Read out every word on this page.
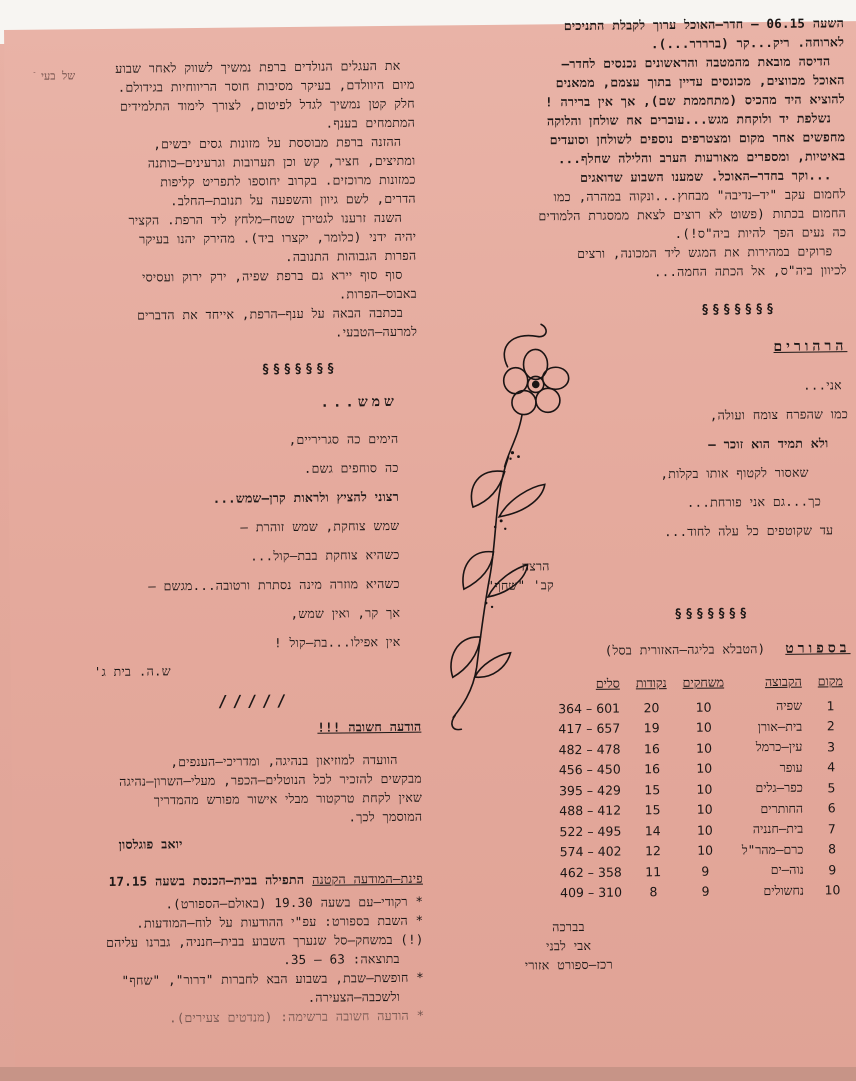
ֿ של בעי
השעה 06.15 – חדר–האוכל ערוך לקבלת התניכים
לארוחה. ריק...קר (ברררר...).
הדיסה מובאת מהמטבה והראשונים נכנסים לחדר–
האוכל מכווצים, מכונסים עדיין בתוך עצמם, ממאנים
להוציא היד מהכיס (מתחממת שם), אך אין ברירה !
נשלפת יד ולוקחת מגש...עוברים אח שולחן והלוקה
מחפשים אחר מקום ומצטרפים נוספים לשולחן וסועדים
באיטיות, ומספרים מאורעות הערב והלילה שחלף...
...וקר בחדר–האוכל. שמענו השבוע שדואגים
לחמום עקב "יד–נדיבה" מבחוץ...ונקוה במהרה, כמו
החמום בכתות (פשוט לא רוצים לצאת ממסגרת הלמודים
כה נעים הפך להיות ביה"ס!).
פרוקים במהירות את המגש ליד המכונה, ורצים
לכיוון ביה"ס, אל הכתה החמה...
§§§§§§§
הרהורים
אני...
כמו שהפרח צומח ועולה,
ולא תמיד הוא זוכר –
שאסור לקטוף אותו בקלות,
כך...גם אני פורחת...
עד שקוטפים כל עלה לחוד...
הרצה
קב' "שחף"
§§§§§§§
בספורט
(הטבלא בליגה–האזורית בסל)
מקום	הקבוצה	משחקים	נקודות	סלים
1	שפיה	10	20	364 – 601
2	בית–אורן	10	19	417 – 657
3	עין–כרמל	10	16	482 – 478
4	עופר	10	16	456 – 450
5	כפר–גלים	10	15	395 – 429
6	החותרים	10	15	488 – 412
7	בית–חנניה	10	14	522 – 495
8	כרם–מהר"ל	10	12	574 – 402
9	נוה–ים	9	11	462 – 358
10	נחשולים	9	8	409 – 310
בברכה
אבי לבני
רכז–ספורט אזורי
את העגלים הנולדים ברפת נמשיך לשווק לאחר שבוע
מיום היוולדם, בעיקר מסיבות חוסר הריווחיות בגידולם.
חלק קטן נמשיך לגדל לפיטום, לצורך לימוד התלמידים
המתמחים בענף.
ההזנה ברפת מבוססת על מזונות גסים יבשים,
ומתיצים, חציר, קש וכן תערובות וגרעינים–כותנה
כמזונות מרוכזים. בקרוב יחוספו לתפריט קליפות
הדרים, לשם גיוון והשפעה על תנובת–החלב.
השנה זרענו לגטירן שטח–מלחץ ליד הרפת. הקציר
יהיה ידני (כלומר, יקצרו ביד). מהירק יהנו בעיקר
הפרות הגבוהות התנובה.
סוף סוף יירא גם ברפת שפיה, ירק ירוק ועסיסי
באבוס–הפרות.
בכתבה הבאה על ענף–הרפת, אייחד את הדברים
למרעה–הטבעי.
§§§§§§§
שמש...
הימים כה סגריריים,
כה סוחפים גשם.
רצוני להציץ ולראות קרן–שמש...
שמש צוחקת, שמש זוהרת –
כשהיא צוחקת בבת–קול...
כשהיא מוזרה מינה נסתרת ורטובה...מגשם –
אך קר, ואין שמש,
אין אפילו...בת–קול !
ש.ה. בית ג'
/////
הודעה חשובה !!!
הוועדה למוזיאון בנהיגה, ומדריכי–הענפים,
מבקשים להזכיר לכל הנוטלים–הכפר, מעלי–השרון–נהיגה
שאין לקחת טרקטור מבלי אישור מפורש מהמדריך
המוסמך לכך.
יואב פוגלסון
פינת–המודעה הקטנה
התפילה בבית–הכנסת בשעה 17.15
* רקודי–עם בשעה 19.30 (באולם–הספורט).
* השבת בספורט: עפ"י ההודעות על לוח–המודעות.
(!) במשחק–סל שנערך השבוע בבית–חנניה, גברנו עליהם
בתוצאה: 63 – 35.
* חופשת–שבת, בשבוע הבא לחברות "דרור", "שחף"
ולשכבה–הצעירה.
* הודעה חשובה ברשימה: (מנדטים צעירים).
